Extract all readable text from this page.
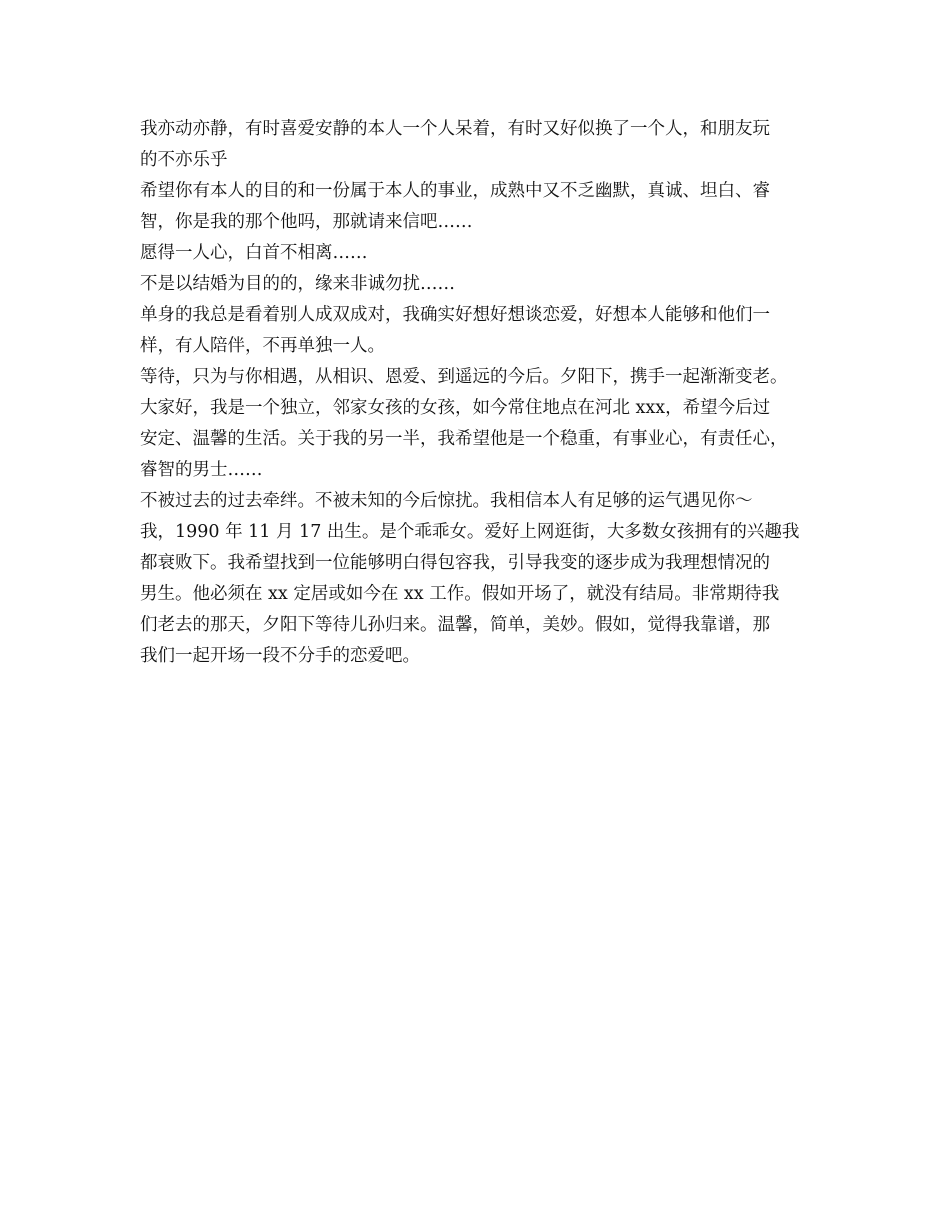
我亦动亦静，有时喜爱安静的本人一个人呆着，有时又好似换了一个人，和朋友玩
的不亦乐乎

希望你有本人的目的和一份属于本人的事业，成熟中又不乏幽默，真诚、坦白、睿
智，你是我的那个他吗，那就请来信吧……

愿得一人心，白首不相离……

不是以结婚为目的的，缘来非诚勿扰……

单身的我总是看着别人成双成对，我确实好想好想谈恋爱，好想本人能够和他们一
样，有人陪伴，不再单独一人。

等待，只为与你相遇，从相识、恩爱、到遥远的今后。夕阳下，携手一起渐渐变老。

大家好，我是一个独立，邻家女孩的女孩，如今常住地点在河北 xxx，希望今后过
安定、温馨的生活。关于我的另一半，我希望他是一个稳重，有事业心，有责任心，
睿智的男士……

不被过去的过去牵绊。不被未知的今后惊扰。我相信本人有足够的运气遇见你～

我，1990 年 11 月 17 出生。是个乖乖女。爱好上网逛街，大多数女孩拥有的兴趣我
都衰败下。我希望找到一位能够明白得包容我，引导我变的逐步成为我理想情况的
男生。他必须在 xx 定居或如今在 xx 工作。假如开场了，就没有结局。非常期待我
们老去的那天，夕阳下等待儿孙归来。温馨，简单，美妙。假如，觉得我靠谱，那
我们一起开场一段不分手的恋爱吧。
